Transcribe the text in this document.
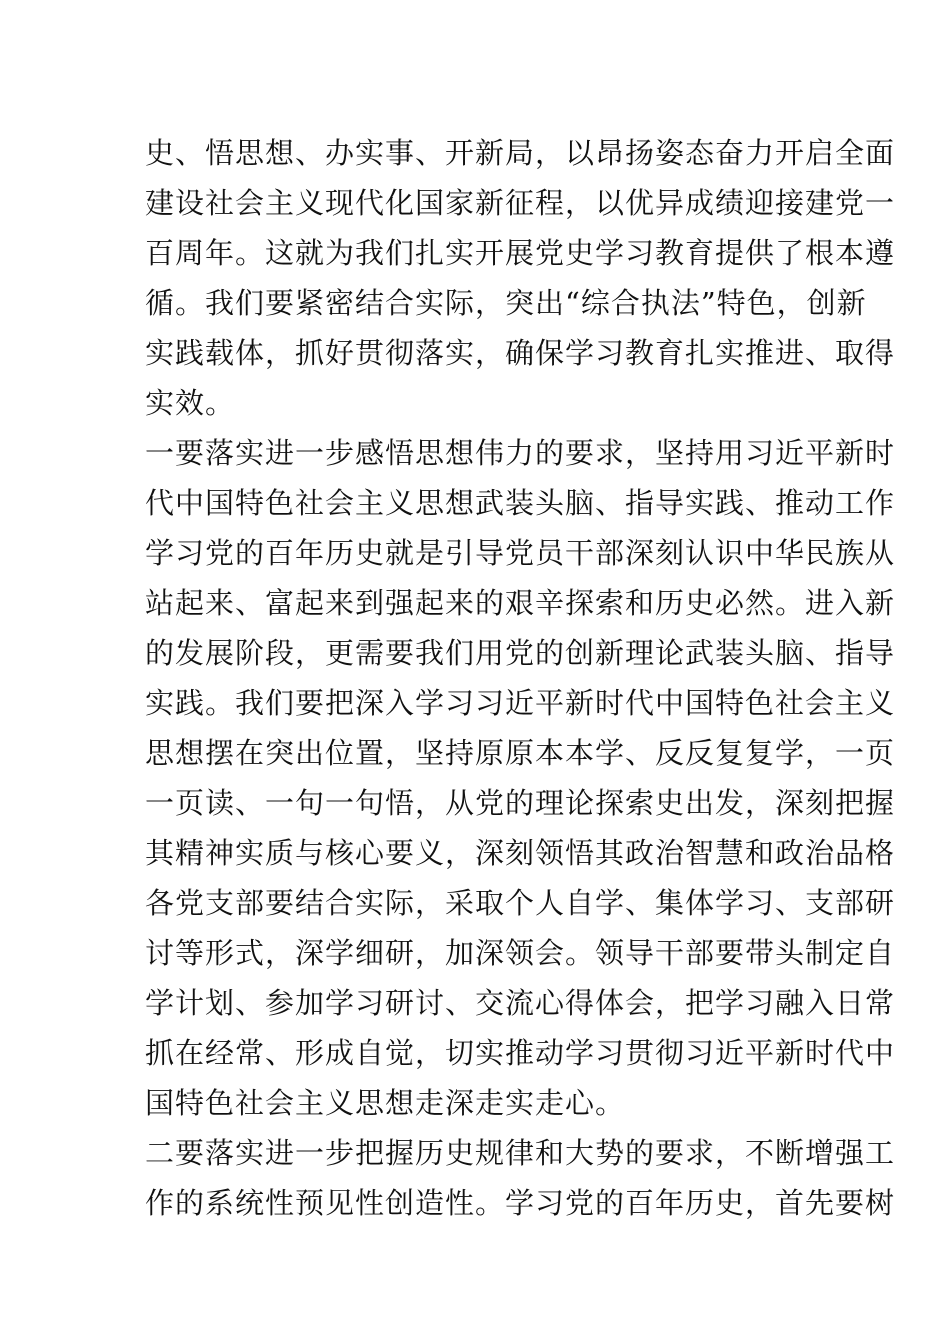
史、悟思想、办实事、开新局，以昂扬姿态奋力开启全面
建设社会主义现代化国家新征程，以优异成绩迎接建党一
百周年。这就为我们扎实开展党史学习教育提供了根本遵
循。我们要紧密结合实际，突出“综合执法”特色，创新
实践载体，抓好贯彻落实，确保学习教育扎实推进、取得
实效。
一要落实进一步感悟思想伟力的要求，坚持用习近平新时
代中国特色社会主义思想武装头脑、指导实践、推动工作
学习党的百年历史就是引导党员干部深刻认识中华民族从
站起来、富起来到强起来的艰辛探索和历史必然。进入新
的发展阶段，更需要我们用党的创新理论武装头脑、指导
实践。我们要把深入学习习近平新时代中国特色社会主义
思想摆在突出位置，坚持原原本本学、反反复复学，一页
一页读、一句一句悟，从党的理论探索史出发，深刻把握
其精神实质与核心要义，深刻领悟其政治智慧和政治品格
各党支部要结合实际，采取个人自学、集体学习、支部研
讨等形式，深学细研，加深领会。领导干部要带头制定自
学计划、参加学习研讨、交流心得体会，把学习融入日常
抓在经常、形成自觉，切实推动学习贯彻习近平新时代中
国特色社会主义思想走深走实走心。
二要落实进一步把握历史规律和大势的要求，不断增强工
作的系统性预见性创造性。学习党的百年历史，首先要树
